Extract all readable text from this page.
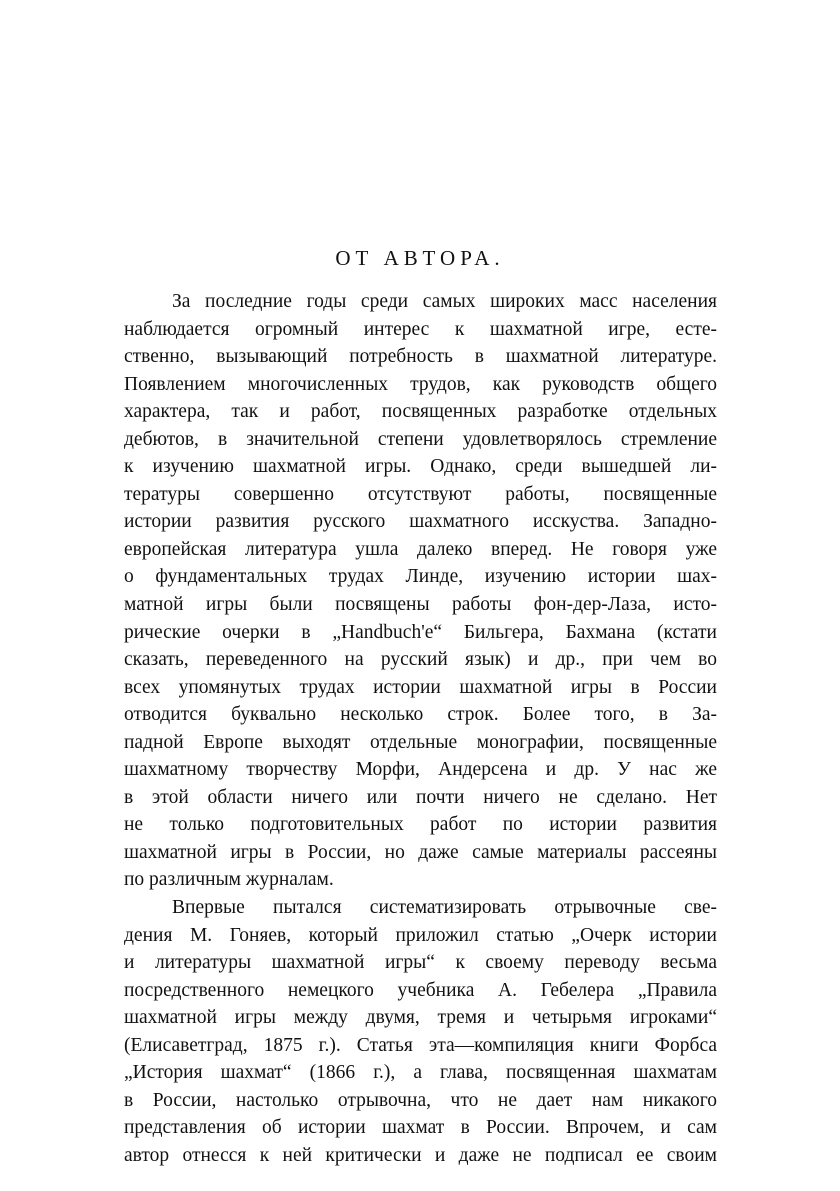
ОТ АВТОРА.
За последние годы среди самых широких масс населения
наблюдается огромный интерес к шахматной игре, есте-
ственно, вызывающий потребность в шахматной литературе.
Появлением многочисленных трудов, как руководств общего
характера, так и работ, посвященных разработке отдельных
дебютов, в значительной степени удовлетворялось стремление
к изучению шахматной игры. Однако, среди вышедшей ли-
тературы совершенно отсутствуют работы, посвященные
истории развития русского шахматного исскуства. Западно-
европейская литература ушла далеко вперед. Не говоря уже
о фундаментальных трудах Линде, изучению истории шах-
матной игры были посвящены работы фон-дер-Лаза, исто-
рические очерки в „Handbuch'e“ Бильгера, Бахмана (кстати
сказать, переведенного на русский язык) и др., при чем во
всех упомянутых трудах истории шахматной игры в России
отводится буквально несколько строк. Более того, в За-
падной Европе выходят отдельные монографии, посвященные
шахматному творчеству Морфи, Андерсена и др. У нас же
в этой области ничего или почти ничего не сделано. Нет
не только подготовительных работ по истории развития
шахматной игры в России, но даже самые материалы рассеяны
по различным журналам.
Впервые пытался систематизировать отрывочные све-
дения М. Гоняев, который приложил статью „Очерк истории
и литературы шахматной игры“ к своему переводу весьма
посредственного немецкого учебника А. Гебелера „Правила
шахматной игры между двумя, тремя и четырьмя игроками“
(Елисаветград, 1875 г.). Статья эта—компиляция книги Форбса
„История шахмат“ (1866 г.), а глава, посвященная шахматам
в России, настолько отрывочна, что не дает нам никакого
представления об истории шахмат в России. Впрочем, и сам
автор отнесся к ней критически и даже не подписал ее своим
